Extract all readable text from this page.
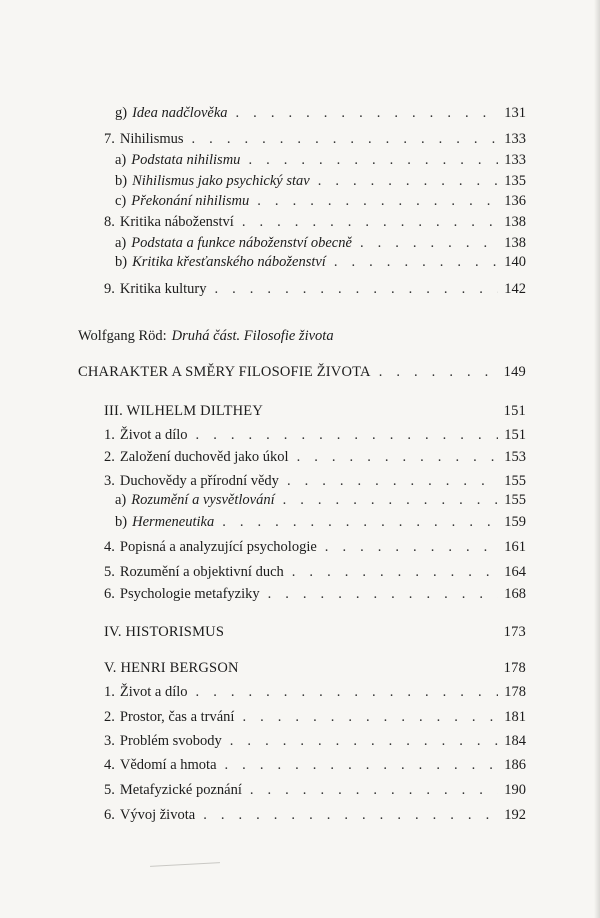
g) Idea nadčlověka . . .	131
7. Nihilismus . . .	133
a) Podstata nihilismu . . .	133
b) Nihilismus jako psychický stav . . .	135
c) Překonání nihilismu . . .	136
8. Kritika náboženství . . .	138
a) Podstata a funkce náboženství obecně . . .	138
b) Kritika křesťanského náboženství . . .	140
9. Kritika kultury . . .	142
Wolfgang Röd: Druhá část. Filosofie života
CHARAKTER A SMĚRY FILOSOFIE ŽIVOTA . . .	149
III. WILHELM DILTHEY	151
1. Život a dílo . . .	151
2. Založení duchověd jako úkol . . .	153
3. Duchovědy a přírodní vědy . . .	155
a) Rozumění a vysvětlování . . .	155
b) Hermeneutika . . .	159
4. Popisná a analyzující psychologie . . .	161
5. Rozumění a objektivní duch . . .	164
6. Psychologie metafyziky . . .	168
IV. HISTORISMUS	173
V. HENRI BERGSON	178
1. Život a dílo . . .	178
2. Prostor, čas a trvání . . .	181
3. Problém svobody . . .	184
4. Vědomí a hmota . . .	186
5. Metafyzické poznání . . .	190
6. Vývoj života . . .	192
